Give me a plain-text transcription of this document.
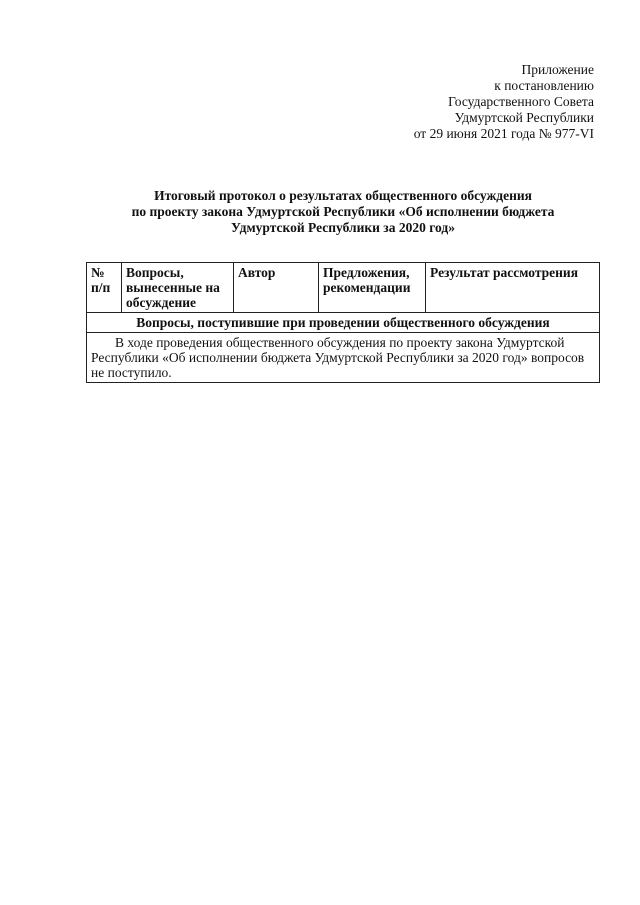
Приложение
к постановлению
Государственного Совета
Удмуртской Республики
от 29 июня 2021 года № 977-VI
Итоговый протокол о результатах общественного обсуждения
по проекту закона Удмуртской Республики «Об исполнении бюджета
Удмуртской Республики за 2020 год»
№ п/п	Вопросы, вынесенные на обсуждение	Автор	Предложения, рекомендации	Результат рассмотрения
Вопросы, поступившие при проведении общественного обсуждения
В ходе проведения общественного обсуждения по проекту закона Удмуртской Республики «Об исполнении бюджета Удмуртской Республики за 2020 год» вопросов не поступило.
